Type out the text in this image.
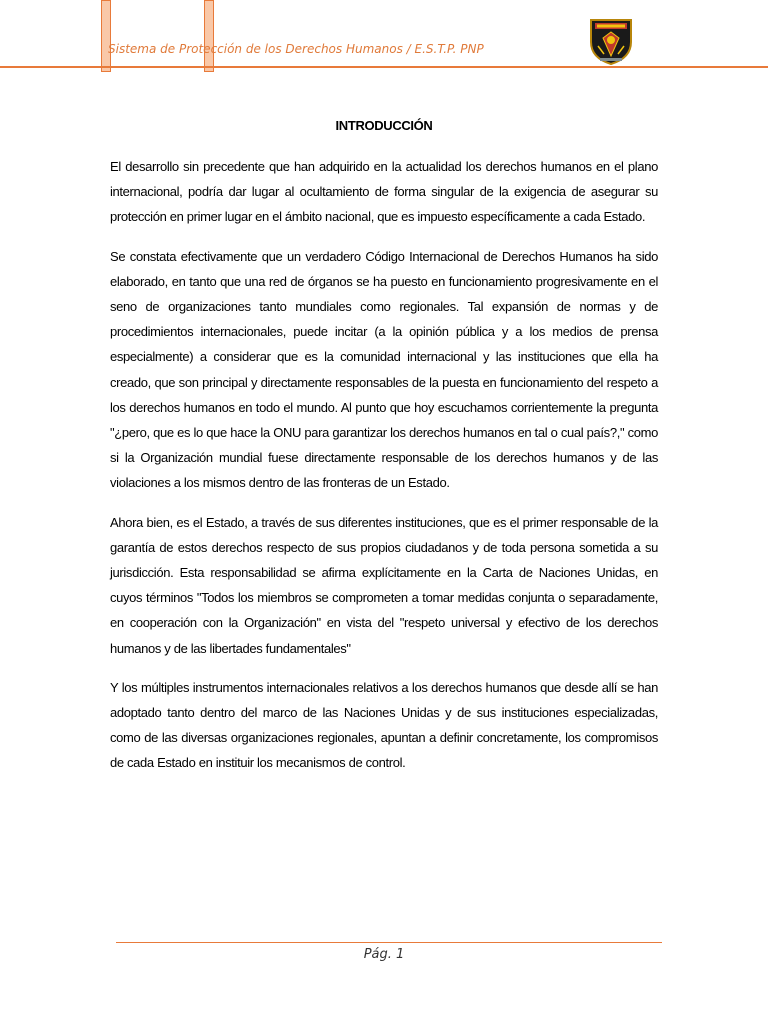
Sistema de Protección de los Derechos Humanos / E.S.T.P. PNP
INTRODUCCIÓN

El desarrollo sin precedente que han adquirido en la actualidad los derechos humanos en el plano internacional, podría dar lugar al ocultamiento de forma singular de la exigencia de asegurar su protección en primer lugar en el ámbito nacional, que es impuesto específicamente a cada Estado.

Se constata efectivamente que un verdadero Código Internacional de Derechos Humanos ha sido elaborado, en tanto que una red de órganos se ha puesto en funcionamiento progresivamente en el seno de organizaciones tanto mundiales como regionales. Tal expansión de normas y de procedimientos internacionales, puede incitar (a la opinión pública y a los medios de prensa especialmente) a considerar que es la comunidad internacional y las instituciones que ella ha creado, que son principal y directamente responsables de la puesta en funcionamiento del respeto a los derechos humanos en todo el mundo. Al punto que hoy escuchamos corrientemente la pregunta "¿pero, que es lo que hace la ONU para garantizar los derechos humanos en tal o cual país?," como si la Organización mundial fuese directamente responsable de los derechos humanos y de las violaciones a los mismos dentro de las fronteras de un Estado.

Ahora bien, es el Estado, a través de sus diferentes instituciones, que es el primer responsable de la garantía de estos derechos respecto de sus propios ciudadanos y de toda persona sometida a su jurisdicción. Esta responsabilidad se afirma explícitamente en la Carta de Naciones Unidas, en cuyos términos "Todos los miembros se comprometen a tomar medidas conjunta o separadamente, en cooperación con la Organización" en vista del "respeto universal y efectivo de los derechos humanos y de las libertades fundamentales"

Y los múltiples instrumentos internacionales relativos a los derechos humanos que desde allí se han adoptado tanto dentro del marco de las Naciones Unidas y de sus instituciones especializadas, como de las diversas organizaciones regionales, apuntan a definir concretamente, los compromisos de cada Estado en instituir los mecanismos de control.

Pág. 1
